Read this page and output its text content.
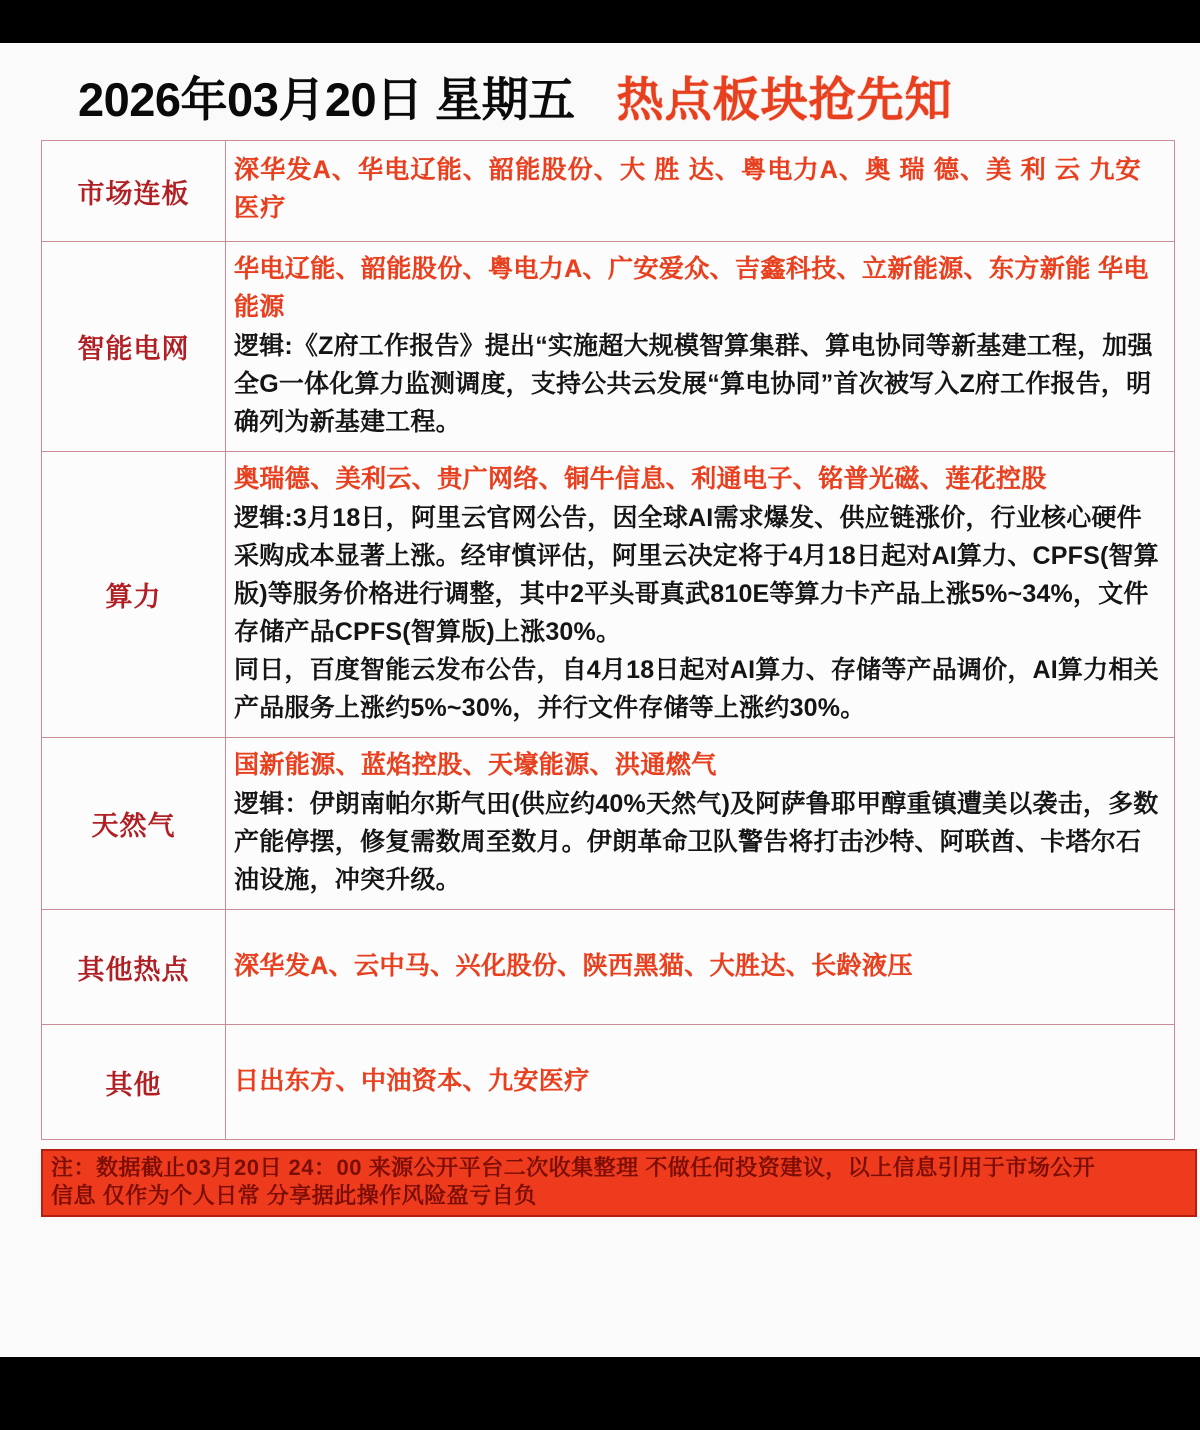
2026年03月20日 星期五 热点板块抢先知
市场连板	深华发A、华电辽能、韶能股份、大 胜 达、粤电力A、奥 瑞 德、美 利 云 九安医疗

智能电网	华电辽能、韶能股份、粤电力A、广安爱众、吉鑫科技、立新能源、东方新能 华电能源

逻辑:《Z府工作报告》提出“实施超大规模智算集群、算电协同等新基建工程，加强全G一体化算力监测调度，支持公共云发展“算电协同”首次被写入Z府工作报告，明确列为新基建工程。

算力	奥瑞德、美利云、贵广网络、铜牛信息、利通电子、铭普光磁、莲花控股

逻辑:3月18日，阿里云官网公告，因全球AI需求爆发、供应链涨价，行业核心硬件采购成本显著上涨。经审慎评估，阿里云决定将于4月18日起对AI算力、CPFS(智算版)等服务价格进行调整，其中2平头哥真武810E等算力卡产品上涨5%~34%，文件存储产品CPFS(智算版)上涨30%。

同日，百度智能云发布公告，自4月18日起对AI算力、存储等产品调价，AI算力相关产品服务上涨约5%~30%，并行文件存储等上涨约30%。

天然气	国新能源、蓝焰控股、天壕能源、洪通燃气

逻辑：伊朗南帕尔斯气田(供应约40%天然气)及阿萨鲁耶甲醇重镇遭美以袭击，多数产能停摆，修复需数周至数月。伊朗革命卫队警告将打击沙特、阿联酋、卡塔尔石油设施，冲突升级。

其他热点	深华发A、云中马、兴化股份、陕西黑猫、大胜达、长龄液压

其他	日出东方、中油资本、九安医疗

注：数据截止03月20日 24：00 来源公开平台二次收集整理 不做任何投资建议，以上信息引用于市场公开

信息 仅作为个人日常 分享据此操作风险盈亏自负
